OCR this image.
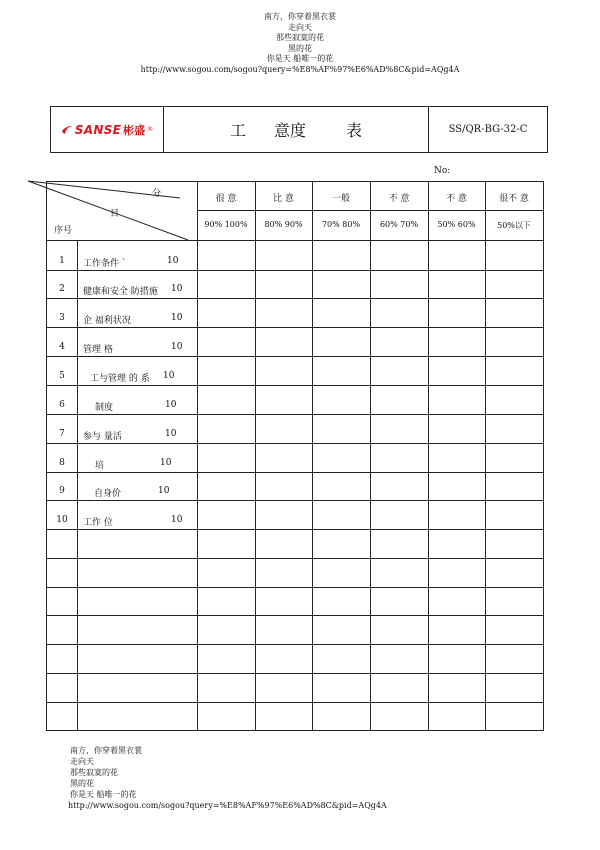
南方，你穿着黑衣裳
走向天
那些寂寞的花
黑的花
你是天 船唯一的花
http://www.sogou.com/sogou?query=%E8%AF%97%E6%AD%8C&pid=AQg4A
SANSE 彬盛 ®	工 意度	表	SS/QR-BG-32-C
No:
分
目
序号
很 意	比 意	一般	不 意	不 意	很不 意
90% 100%	80% 90%	70% 80%	60% 70%	50% 60%	50%以下
1	工作条件 `	10
2	健康和安全 防措施 10
3	企 福利状况	10
4	管理 格	10
5	工与管理 的 系 10
6	制度	10
7	参与 量活	10
8	培	10
9	自身价	10
10	工作 位	10
南方，你穿着黑衣裳
走向天
那些寂寞的花
黑的花
你是天 船唯一的花
http://www.sogou.com/sogou?query=%E8%AF%97%E6%AD%8C&pid=AQg4A
